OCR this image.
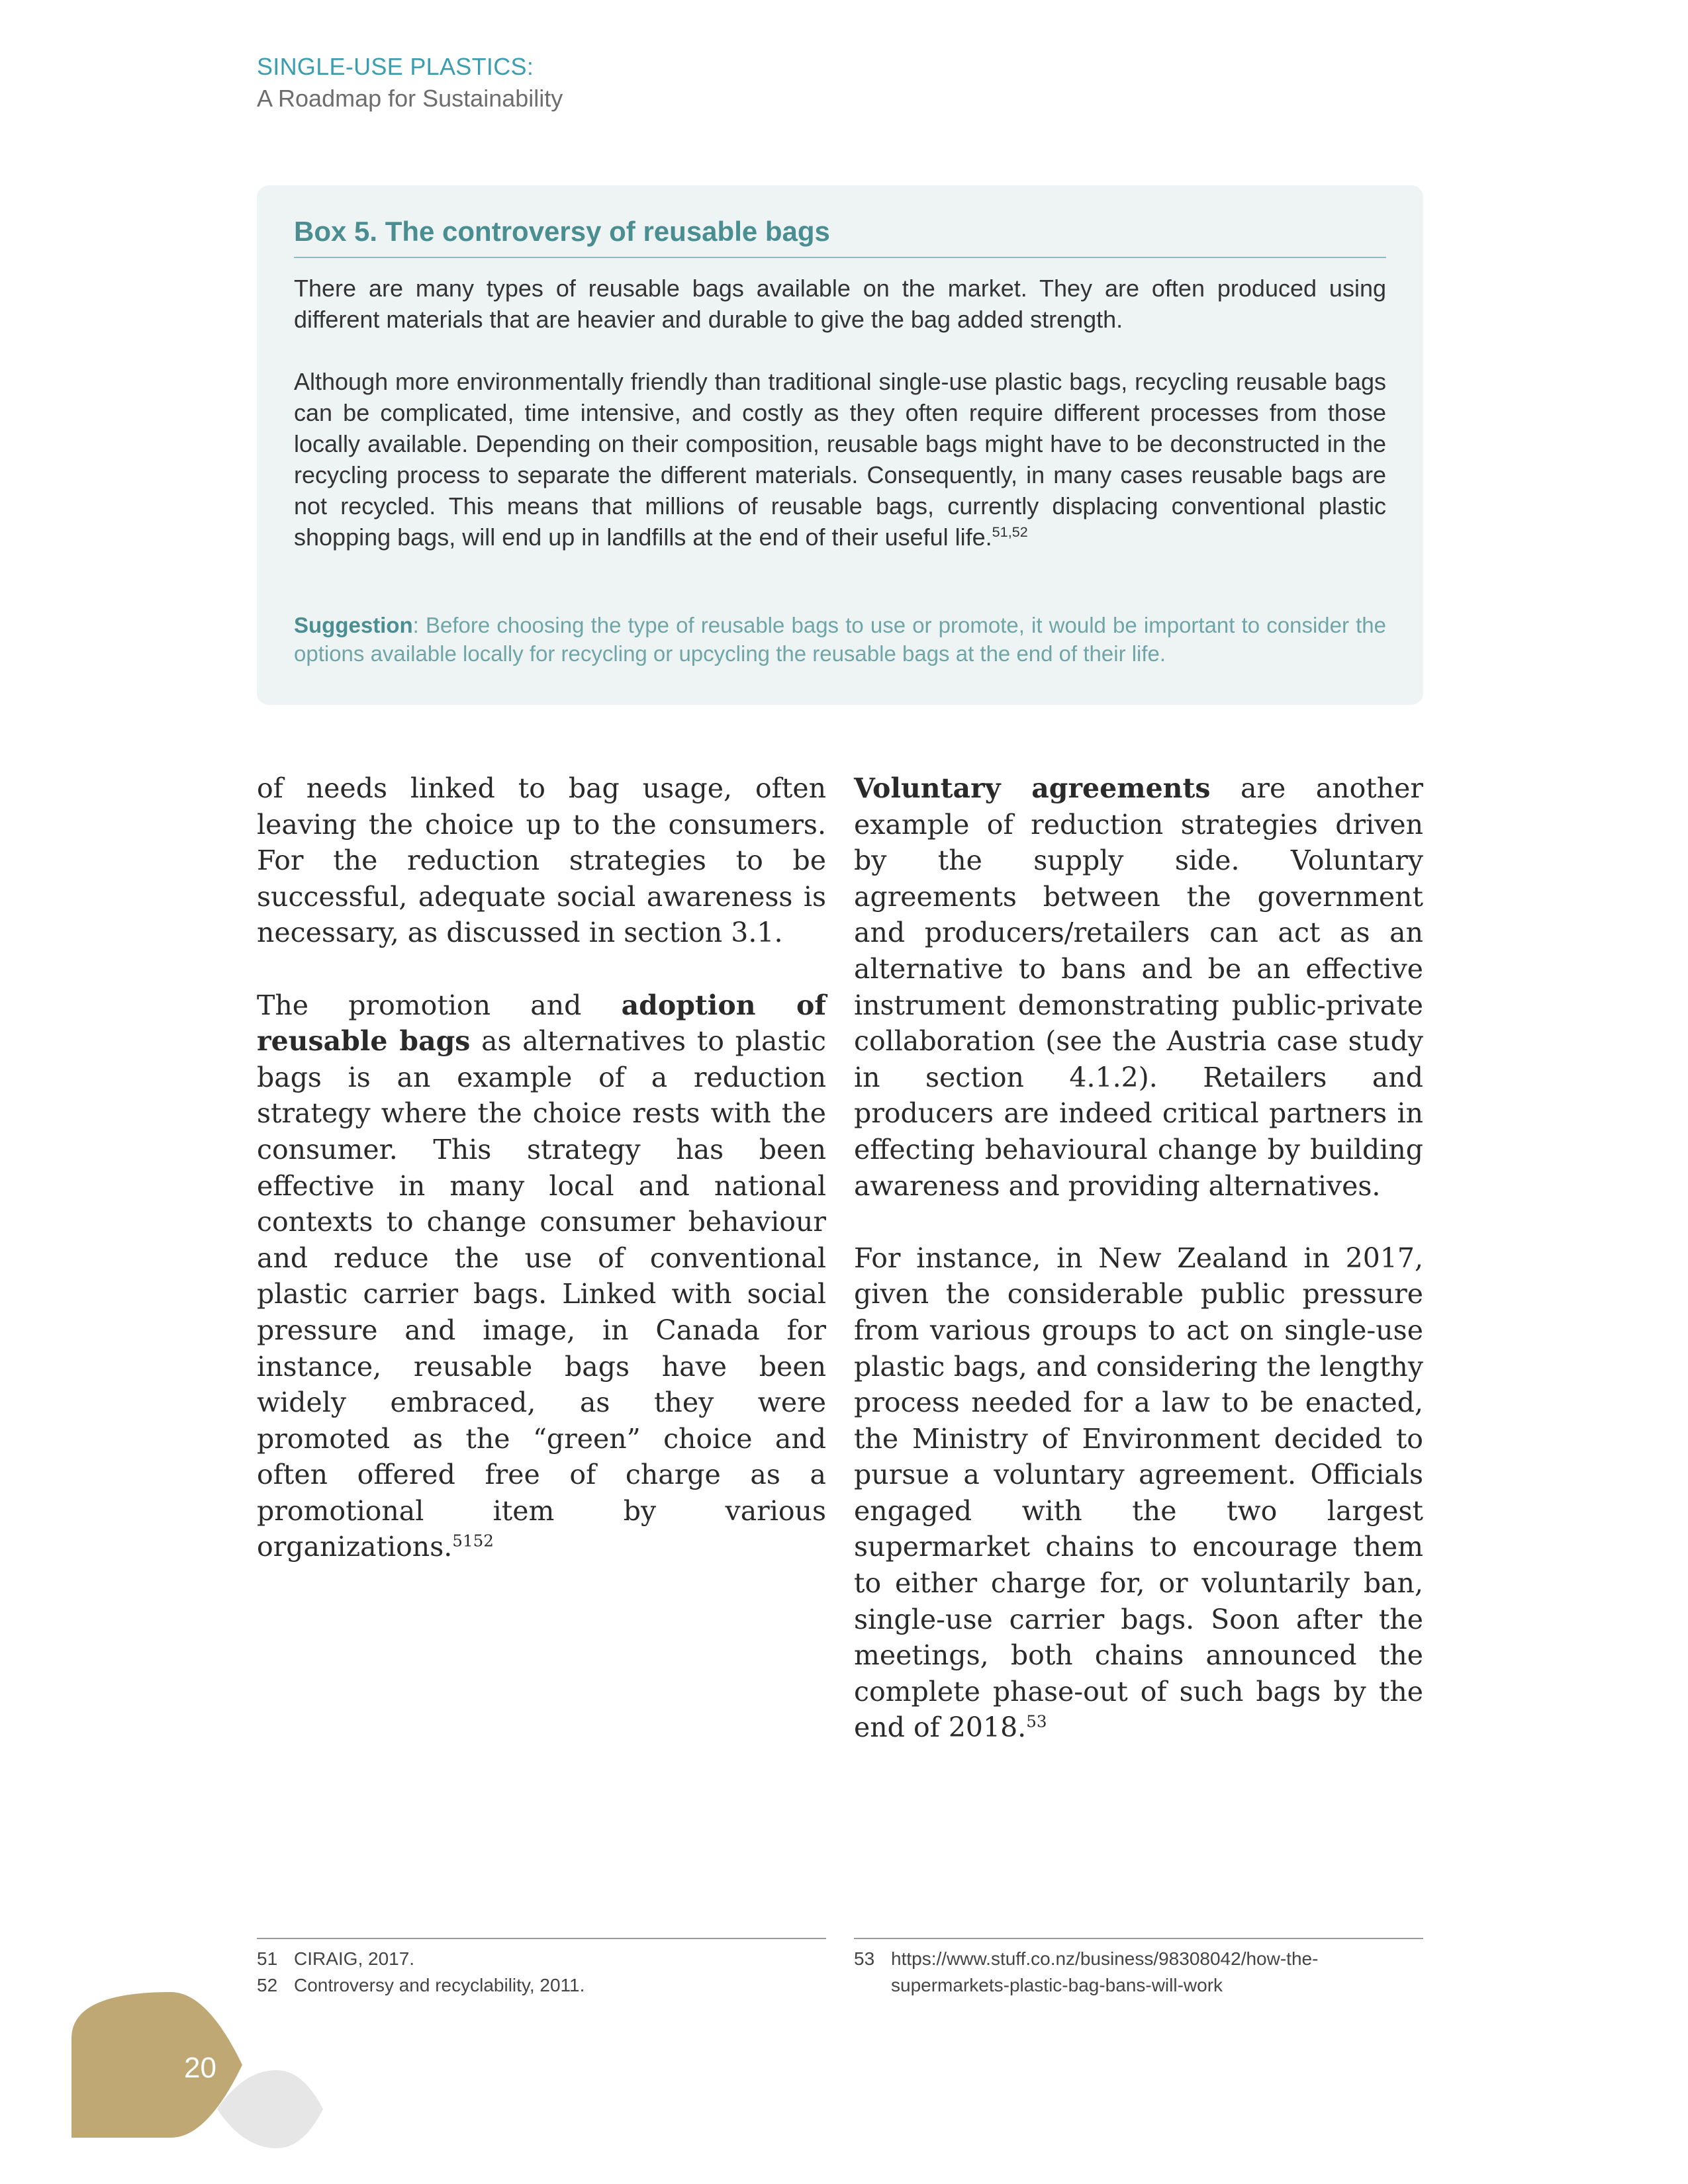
SINGLE-USE PLASTICS:
A Roadmap for Sustainability
Box 5. The controversy of reusable bags

There are many types of reusable bags available on the market. They are often produced using different materials that are heavier and durable to give the bag added strength.

Although more environmentally friendly than traditional single-use plastic bags, recycling reusable bags can be complicated, time intensive, and costly as they often require different processes from those locally available. Depending on their composition, reusable bags might have to be deconstructed in the recycling process to separate the different materials. Consequently, in many cases reusable bags are not recycled. This means that millions of reusable bags, currently displacing conventional plastic shopping bags, will end up in landfills at the end of their useful life.$^{51,52}$

Suggestion: Before choosing the type of reusable bags to use or promote, it would be important to consider the options available locally for recycling or upcycling the reusable bags at the end of their life.

of needs linked to bag usage, often leaving the choice up to the consumers. For the reduction strategies to be successful, adequate social awareness is necessary, as discussed in section 3.1.

The promotion and adoption of reusable bags as alternatives to plastic bags is an example of a reduction strategy where the choice rests with the consumer. This strategy has been effective in many local and national contexts to change consumer behaviour and reduce the use of conventional plastic carrier bags. Linked with social pressure and image, in Canada for instance, reusable bags have been widely embraced, as they were promoted as the “green” choice and often offered free of charge as a promotional item by various organizations.$^{5152}$

Voluntary agreements are another example of reduction strategies driven by the supply side. Voluntary agreements between the government and producers/retailers can act as an alternative to bans and be an effective instrument demonstrating public-private collaboration (see the Austria case study in section 4.1.2). Retailers and producers are indeed critical partners in effecting behavioural change by building awareness and providing alternatives.

For instance, in New Zealand in 2017, given the considerable public pressure from various groups to act on single-use plastic bags, and considering the lengthy process needed for a law to be enacted, the Ministry of Environment decided to pursue a voluntary agreement. Officials engaged with the two largest supermarket chains to encourage them to either charge for, or voluntarily ban, single-use carrier bags. Soon after the meetings, both chains announced the complete phase-out of such bags by the end of 2018.53

51 CIRAIG, 2017.
52 Controversy and recyclability, 2011.
53 https://www.stuff.co.nz/business/98308042/how-the-
supermarkets-plastic-bag-bans-will-work
20
